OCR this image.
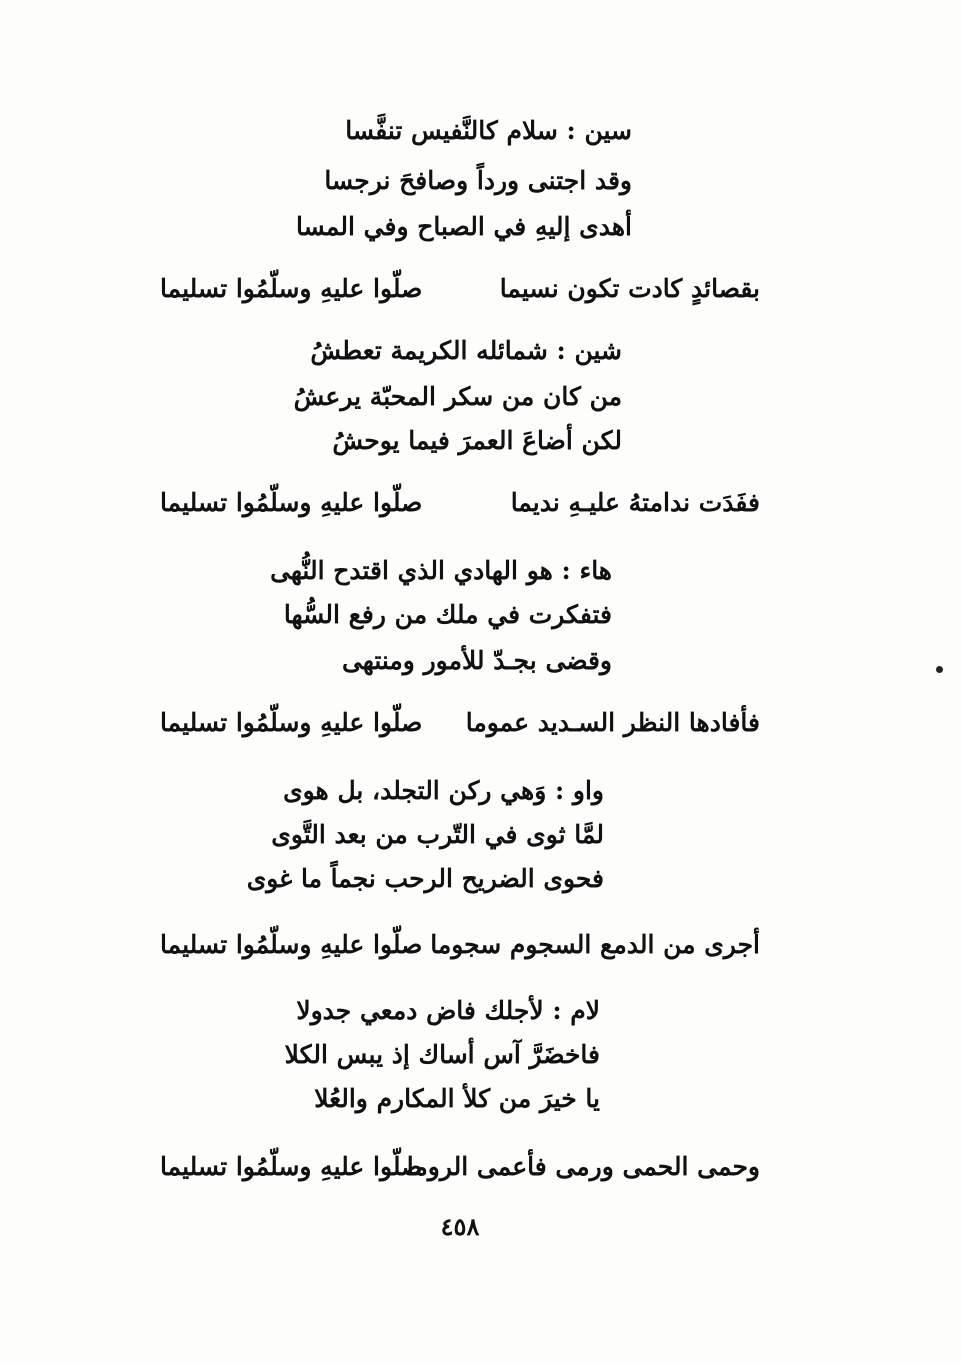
سين : سلام كالنَّفيس تنفَّسا
وقد اجتنى ورداً وصافحَ نرجسا
أهدى إليهِ في الصباح وفي المسا
بقصائدٍ كادت تكون نسيما
صلّوا عليهِ وسلّمُوا تسليما
شين : شمائله الكريمة تعطشُ
من كان من سكر المحبّة يرعشُ
لكن أضاعَ العمرَ فيما يوحشُ
ففَدَت ندامتهُ عليـهِ نديما
صلّوا عليهِ وسلّمُوا تسليما
هاء : هو الهادي الذي اقتدح النُّهى
فتفكرت في ملك من رفع السُّها
وقضى بجـدّ للأمور ومنتهى
فأفادها النظر السـديد عموما
صلّوا عليهِ وسلّمُوا تسليما
واو : وَهي ركن التجلد، بل هوى
لمَّا ثوى في التّرب من بعد التَّوى
فحوى الضريح الرحب نجماً ما غوى
أجرى من الدمع السجوم سجوما
صلّوا عليهِ وسلّمُوا تسليما
لام : لأجلك فاض دمعي جدولا
فاخضَرَّ آس أساك إذ يبس الكلا
يا خيرَ من كلأ المكارم والعُلا
وحمى الحمى ورمى فأعمى الروما
صلّوا عليهِ وسلّمُوا تسليما
٤٥٨
